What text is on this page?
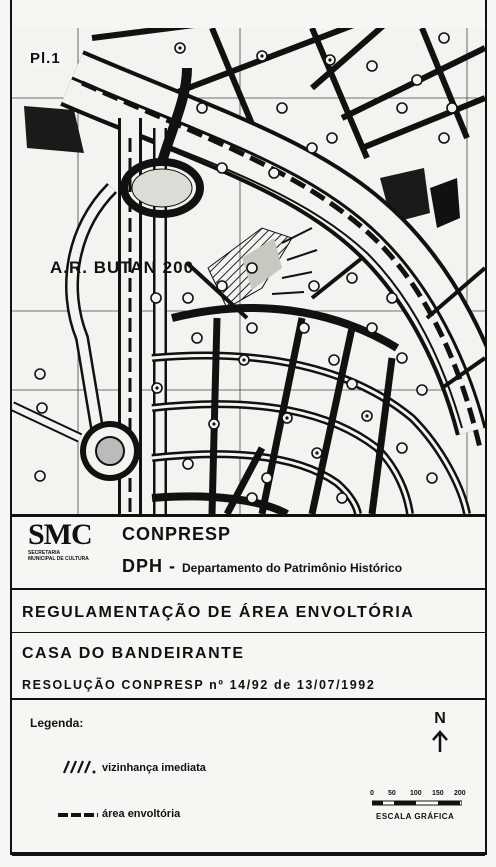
Pl.1
A.R. BUTAN 200
SMC
SECRETARIA
MUNICIPAL DE CULTURA
CONPRESP
DPH - Departamento do Patrimônio Histórico
REGULAMENTAÇÃO DE ÁREA ENVOLTÓRIA
CASA DO BANDEIRANTE
RESOLUÇÃO CONPRESP nº 14/92 de 13/07/1992
Legenda:
vizinhança imediata
área envoltória
N
0 50 100 150 200
ESCALA GRÁFICA
